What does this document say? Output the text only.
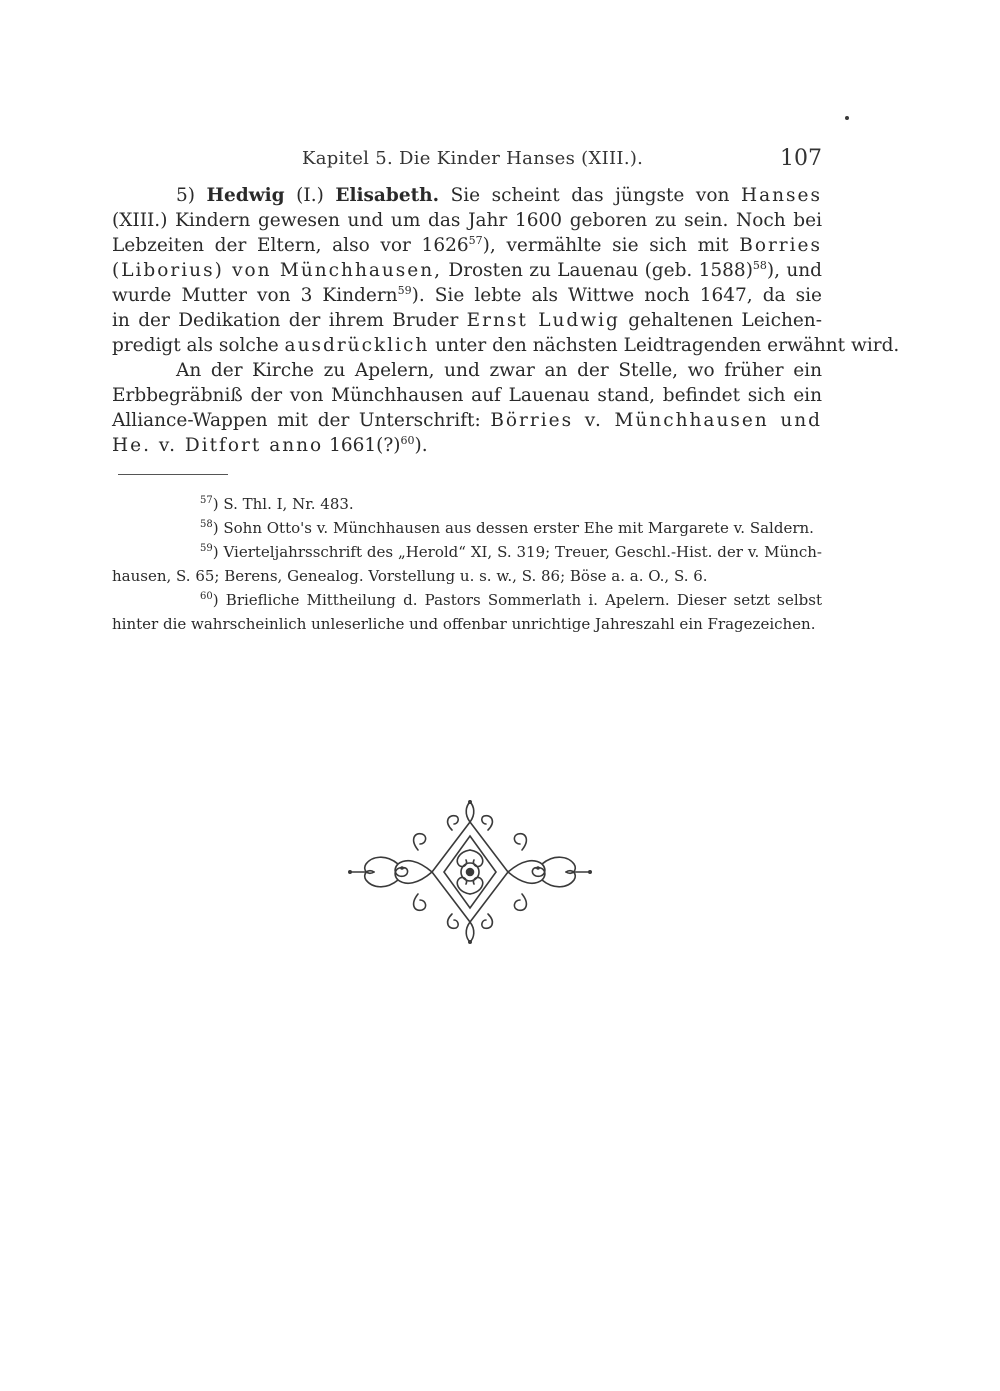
Kapitel 5. Die Kinder Hanses (XIII.).	107
5) Hedwig (I.) Elisabeth. Sie scheint das jüngste von Hanses
(XIII.) Kindern gewesen und um das Jahr 1600 geboren zu sein. Noch bei
Lebzeiten der Eltern, also vor 1626$^{57}$), vermählte sie sich mit Borries
(Liborius) von Münchhausen, Drosten zu Lauenau (geb. 1588)$^{58}$), und
wurde Mutter von 3 Kindern$^{59}$). Sie lebte als Wittwe noch 1647, da sie
in der Dedikation der ihrem Bruder Ernst Ludwig gehaltenen Leichen-
predigt als solche ausdrücklich unter den nächsten Leidtragenden erwähnt wird.
An der Kirche zu Apelern, und zwar an der Stelle, wo früher ein
Erbbegräbniß der von Münchhausen auf Lauenau stand, befindet sich ein
Alliance-Wappen mit der Unterschrift: Börries v. Münchhausen und
He. v. Ditfort anno 1661(?)$^{60}$).
$^{57}$) S. Thl. I, Nr. 483.
$^{58}$) Sohn Otto's v. Münchhausen aus dessen erster Ehe mit Margarete v. Saldern.
$^{59}$) Vierteljahrsschrift des „Herold“ XI, S. 319; Treuer, Geschl.-Hist. der v. Münch-
hausen, S. 65; Berens, Genealog. Vorstellung u. s. w., S. 86; Böse a. a. O., S. 6.
$^{60}$) Briefliche Mittheilung d. Pastors Sommerlath i. Apelern. Dieser setzt selbst
hinter die wahrscheinlich unleserliche und offenbar unrichtige Jahreszahl ein Fragezeichen.
